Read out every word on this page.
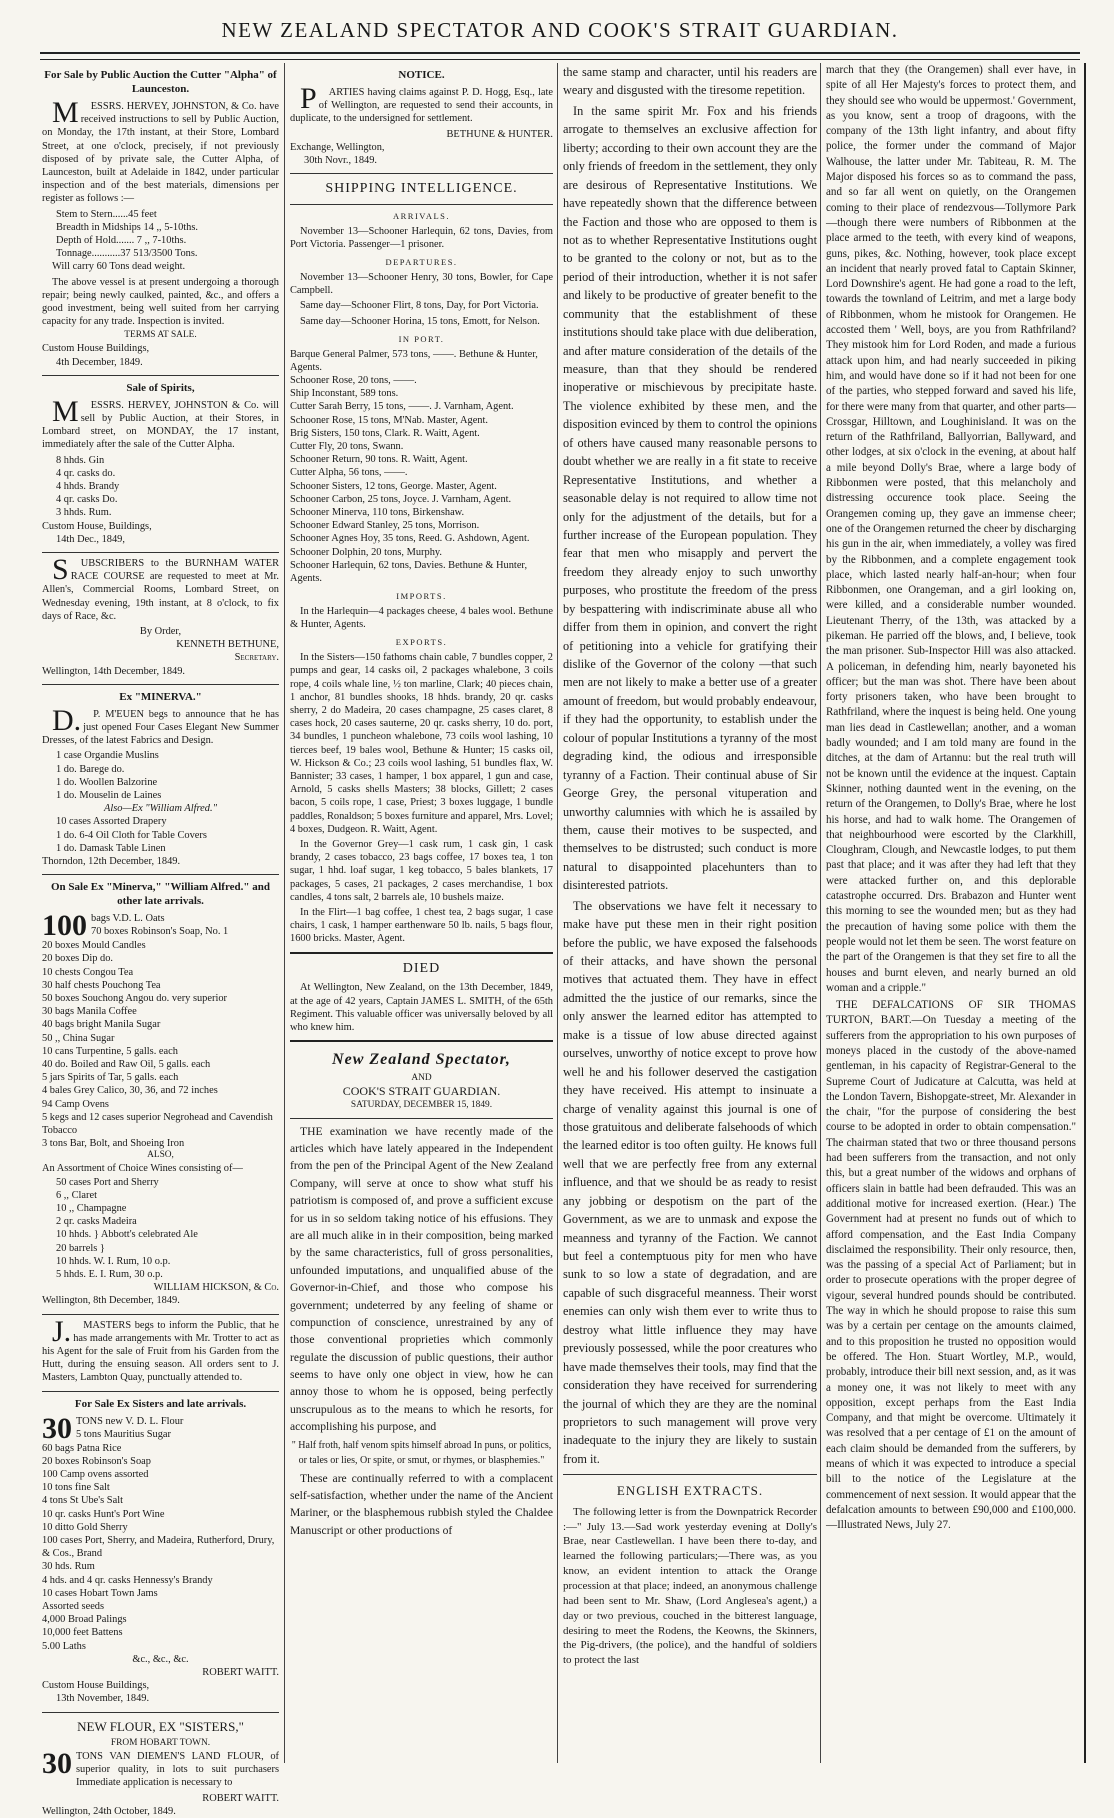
NEW ZEALAND SPECTATOR AND COOK'S STRAIT GUARDIAN.
For Sale by Public Auction the Cutter "Alpha" of Launceston.

MESSRS. HERVEY, JOHNSTON, & Co. have received instructions to sell by Public Auction, on Monday, the 17th instant, at their Store, Lombard Street, at one o'clock, precisely, if not previously disposed of by private sale, the Cutter Alpha, of Launceston, built at Adelaide in 1842, under particular inspection and of the best materials, dimensions per register as follows :—

Stem to Stern......45 feet
Breadth in Midships 14 ,, 5-10ths.
Depth of Hold....... 7 ,, 7-10ths.
Tonnage...........37 513/3500 Tons.

Will carry 60 Tons dead weight.

The above vessel is at present undergoing a thorough repair; being newly caulked, painted, &c., and offers a good investment, being well suited from her carrying capacity for any trade. Inspection is invited.

TERMS AT SALE.
Custom House Buildings,
4th December, 1849.
Sale of Spirits,

MESSRS. HERVEY, JOHNSTON & Co. will sell by Public Auction, at their Stores, in Lombard street, on MONDAY, the 17 instant, immediately after the sale of the Cutter Alpha.

8 hhds. Gin
4 qr. casks do.
4 hhds. Brandy
4 qr. casks Do.
3 hhds. Rum.
Custom House, Buildings,
14th Dec., 1849,

SUBSCRIBERS to the BURNHAM WATER RACE COURSE are requested to meet at Mr. Allen's, Commercial Rooms, Lombard Street, on Wednesday evening, 19th instant, at 8 o'clock, to fix days of Race, &c.

By Order,
KENNETH BETHUNE,
Secretary.
Wellington, 14th December, 1849.
Ex "MINERVA."

D.P. M'EUEN begs to announce that he has just opened Four Cases Elegant New Summer Dresses, of the latest Fabrics and Design.

1 case Organdie Muslins
1 do. Barege do.
1 do. Woollen Balzorine
1 do. Mouselin de Laines
Also—Ex "William Alfred."
10 cases Assorted Drapery
1 do. 6-4 Oil Cloth for Table Covers
1 do. Damask Table Linen
Thorndon, 12th December, 1849.
On Sale Ex "Minerva," "William Alfred." and other late arrivals.
100 bags V.D. L. Oats
70 boxes Robinson's Soap, No. 1
20 boxes Mould Candles
20 boxes Dip do.
10 chests Congou Tea
30 half chests Pouchong Tea
50 boxes Souchong Angou do. very superior
30 bags Manila Coffee
40 bags bright Manila Sugar
50 ,, China Sugar
10 cans Turpentine, 5 galls. each
40 do. Boiled and Raw Oil, 5 galls. each
5 jars Spirits of Tar, 5 galls. each
4 bales Grey Calico, 30, 36, and 72 inches
94 Camp Ovens
5 kegs and 12 cases superior Negrohead and Cavendish Tobacco
3 tons Bar, Bolt, and Shoeing Iron
ALSO,
An Assortment of Choice Wines consisting of—
50 cases Port and Sherry
6 ,, Claret
10 ,, Champagne
2 qr. casks Madeira
10 hhds. } Abbott's celebrated Ale
20 barrels }
10 hhds. W. I. Rum, 10 o.p.
5 hhds. E. I. Rum, 30 o.p.
WILLIAM HICKSON, & Co.
Wellington, 8th December, 1849.

J.MASTERS begs to inform the Public, that he has made arrangements with Mr. Trotter to act as his Agent for the sale of Fruit from his Garden from the Hutt, during the ensuing season. All orders sent to J. Masters, Lambton Quay, punctually attended to.

For Sale Ex Sisters and late arrivals.
30 TONS new V. D. L. Flour
5 tons Mauritius Sugar
60 bags Patna Rice
20 boxes Robinson's Soap
100 Camp ovens assorted
10 tons fine Salt
4 tons St Ube's Salt
10 qr. casks Hunt's Port Wine
10 ditto Gold Sherry
100 cases Port, Sherry, and Madeira, Rutherford, Drury, & Cos., Brand
30 hds. Rum
4 hds. and 4 qr. casks Hennessy's Brandy
10 cases Hobart Town Jams
Assorted seeds
4,000 Broad Palings
10,000 feet Battens
5.00 Laths
&c., &c., &c.
ROBERT WAITT.
Custom House Buildings,
13th November, 1849.
NEW FLOUR, EX "SISTERS,"
FROM HOBART TOWN.
30 TONS VAN DIEMEN'S LAND FLOUR, of superior quality, in lots to suit purchasers Immediate application is necessary to

ROBERT WAITT.
Wellington, 24th October, 1849.
NOTICE.

PARTIES having claims against P. D. Hogg, Esq., late of Wellington, are requested to send their accounts, in duplicate, to the undersigned for settlement.

BETHUNE & HUNTER.
Exchange, Wellington,
30th Novr., 1849.
SHIPPING INTELLIGENCE.
ARRIVALS.

November 13—Schooner Harlequin, 62 tons, Davies, from Port Victoria. Passenger—1 prisoner.

DEPARTURES.

November 13—Schooner Henry, 30 tons, Bowler, for Cape Campbell.

Same day—Schooner Flirt, 8 tons, Day, for Port Victoria.

Same day—Schooner Horina, 15 tons, Emott, for Nelson.

IN PORT.
Barque General Palmer, 573 tons, ——. Bethune & Hunter, Agents.
Schooner Rose, 20 tons, ——.
Ship Inconstant, 589 tons.
Cutter Sarah Berry, 15 tons, ——. J. Varnham, Agent.
Schooner Rose, 15 tons, M'Nab. Master, Agent.
Brig Sisters, 150 tons, Clark. R. Waitt, Agent.
Cutter Fly, 20 tons, Swann.
Schooner Return, 90 tons. R. Waitt, Agent.
Cutter Alpha, 56 tons, ——.
Schooner Sisters, 12 tons, George. Master, Agent.
Schooner Carbon, 25 tons, Joyce. J. Varnham, Agent.
Schooner Minerva, 110 tons, Birkenshaw.
Schooner Edward Stanley, 25 tons, Morrison.
Schooner Agnes Hoy, 35 tons, Reed. G. Ashdown, Agent.
Schooner Dolphin, 20 tons, Murphy.
Schooner Harlequin, 62 tons, Davies. Bethune & Hunter, Agents.
IMPORTS.

In the Harlequin—4 packages cheese, 4 bales wool. Bethune & Hunter, Agents.

EXPORTS.

In the Sisters—150 fathoms chain cable, 7 bundles copper, 2 pumps and gear, 14 casks oil, 2 packages whalebone, 3 coils rope, 4 coils whale line, ½ ton marline, Clark; 40 pieces chain, 1 anchor, 81 bundles shooks, 18 hhds. brandy, 20 qr. casks sherry, 2 do Madeira, 20 cases champagne, 25 cases claret, 8 cases hock, 20 cases sauterne, 20 qr. casks sherry, 10 do. port, 34 bundles, 1 puncheon whalebone, 73 coils wool lashing, 10 tierces beef, 19 bales wool, Bethune & Hunter; 15 casks oil, W. Hickson & Co.; 23 coils wool lashing, 51 bundles flax, W. Bannister; 33 cases, 1 hamper, 1 box apparel, 1 gun and case, Arnold, 5 casks shells Masters; 38 blocks, Gillett; 2 cases bacon, 5 coils rope, 1 case, Priest; 3 boxes luggage, 1 bundle paddles, Ronaldson; 5 boxes furniture and apparel, Mrs. Lovel; 4 boxes, Dudgeon. R. Waitt, Agent.

In the Governor Grey—1 cask rum, 1 cask gin, 1 cask brandy, 2 cases tobacco, 23 bags coffee, 17 boxes tea, 1 ton sugar, 1 hhd. loaf sugar, 1 keg tobacco, 5 bales blankets, 17 packages, 5 cases, 21 packages, 2 cases merchandise, 1 box candles, 4 tons salt, 2 barrels ale, 10 bushels maize.

In the Flirt—1 bag coffee, 1 chest tea, 2 bags sugar, 1 case chairs, 1 cask, 1 hamper earthenware 50 lb. nails, 5 bags flour, 1600 bricks. Master, Agent.

DIED

At Wellington, New Zealand, on the 13th December, 1849, at the age of 42 years, Captain JAMES L. SMITH, of the 65th Regiment. This valuable officer was universally beloved by all who knew him.

New Zealand Spectator,
AND
COOK'S STRAIT GUARDIAN.
SATURDAY, DECEMBER 15, 1849.

THE examination we have recently made of the articles which have lately appeared in the Independent from the pen of the Principal Agent of the New Zealand Company, will serve at once to show what stuff his patriotism is composed of, and prove a sufficient excuse for us in so seldom taking notice of his effusions. They are all much alike in in their composition, being marked by the same characteristics, full of gross personalities, unfounded imputations, and unqualified abuse of the Governor-in-Chief, and those who compose his government; undeterred by any feeling of shame or compunction of conscience, unrestrained by any of those conventional proprieties which commonly regulate the discussion of public questions, their author seems to have only one object in view, how he can annoy those to whom he is opposed, being perfectly unscrupulous as to the means to which he resorts, for accomplishing his purpose, and

" Half froth, half venom spits himself abroad In puns, or politics, or tales or lies, Or spite, or smut, or rhymes, or blasphemies."

These are continually referred to with a complacent self-satisfaction, whether under the name of the Ancient Mariner, or the blasphemous rubbish styled the Chaldee Manuscript or other productions of

the same stamp and character, until his readers are weary and disgusted with the tiresome repetition.

In the same spirit Mr. Fox and his friends arrogate to themselves an exclusive affection for liberty; according to their own account they are the only friends of freedom in the settlement, they only are desirous of Representative Institutions. We have repeatedly shown that the difference between the Faction and those who are opposed to them is not as to whether Representative Institutions ought to be granted to the colony or not, but as to the period of their introduction, whether it is not safer and likely to be productive of greater benefit to the community that the establishment of these institutions should take place with due deliberation, and after mature consideration of the details of the measure, than that they should be rendered inoperative or mischievous by precipitate haste. The violence exhibited by these men, and the disposition evinced by them to control the opinions of others have caused many reasonable persons to doubt whether we are really in a fit state to receive Representative Institutions, and whether a seasonable delay is not required to allow time not only for the adjustment of the details, but for a further increase of the European population. They fear that men who misapply and pervert the freedom they already enjoy to such unworthy purposes, who prostitute the freedom of the press by bespattering with indiscriminate abuse all who differ from them in opinion, and convert the right of petitioning into a vehicle for gratifying their dislike of the Governor of the colony —that such men are not likely to make a better use of a greater amount of freedom, but would probably endeavour, if they had the opportunity, to establish under the colour of popular Institutions a tyranny of the most degrading kind, the odious and irresponsible tyranny of a Faction. Their continual abuse of Sir George Grey, the personal vituperation and unworthy calumnies with which he is assailed by them, cause their motives to be suspected, and themselves to be distrusted; such conduct is more natural to disappointed placehunters than to disinterested patriots.

The observations we have felt it necessary to make have put these men in their right position before the public, we have exposed the falsehoods of their attacks, and have shown the personal motives that actuated them. They have in effect admitted the the justice of our remarks, since the only answer the learned editor has attempted to make is a tissue of low abuse directed against ourselves, unworthy of notice except to prove how well he and his follower deserved the castigation they have received. His attempt to insinuate a charge of venality against this journal is one of those gratuitous and deliberate falsehoods of which the learned editor is too often guilty. He knows full well that we are perfectly free from any external influence, and that we should be as ready to resist any jobbing or despotism on the part of the Government, as we are to unmask and expose the meanness and tyranny of the Faction. We cannot but feel a contemptuous pity for men who have sunk to so low a state of degradation, and are capable of such disgraceful meanness. Their worst enemies can only wish them ever to write thus to destroy what little influence they may have previously possessed, while the poor creatures who have made themselves their tools, may find that the consideration they have received for surrendering the journal of which they are they are the nominal proprietors to such management will prove very inadequate to the injury they are likely to sustain from it.

ENGLISH EXTRACTS.

The following letter is from the Downpatrick Recorder :—" July 13.—Sad work yesterday evening at Dolly's Brae, near Castlewellan. I have been there to-day, and learned the following particulars;—There was, as you know, an evident intention to attack the Orange procession at that place; indeed, an anonymous challenge had been sent to Mr. Shaw, (Lord Anglesea's agent,) a day or two previous, couched in the bitterest language, desiring to meet the Rodens, the Keowns, the Skinners, the Pig-drivers, (the police), and the handful of soldiers to protect the last

march that they (the Orangemen) shall ever have, in spite of all Her Majesty's forces to protect them, and they should see who would be uppermost.' Government, as you know, sent a troop of dragoons, with the company of the 13th light infantry, and about fifty police, the former under the command of Major Walhouse, the latter under Mr. Tabiteau, R. M. The Major disposed his forces so as to command the pass, and so far all went on quietly, on the Orangemen coming to their place of rendezvous—Tollymore Park—though there were numbers of Ribbonmen at the place armed to the teeth, with every kind of weapons, guns, pikes, &c. Nothing, however, took place except an incident that nearly proved fatal to Captain Skinner, Lord Downshire's agent. He had gone a road to the left, towards the townland of Leitrim, and met a large body of Ribbonmen, whom he mistook for Orangemen. He accosted them ' Well, boys, are you from Rathfriland? They mistook him for Lord Roden, and made a furious attack upon him, and had nearly succeeded in piking him, and would have done so if it had not been for one of the parties, who stepped forward and saved his life, for there were many from that quarter, and other parts—Crossgar, Hilltown, and Loughinisland. It was on the return of the Rathfriland, Ballyorrian, Ballyward, and other lodges, at six o'clock in the evening, at about half a mile beyond Dolly's Brae, where a large body of Ribbonmen were posted, that this melancholy and distressing occurence took place. Seeing the Orangemen coming up, they gave an immense cheer; one of the Orangemen returned the cheer by discharging his gun in the air, when immediately, a volley was fired by the Ribbonmen, and a complete engagement took place, which lasted nearly half-an-hour; when four Ribbonmen, one Orangeman, and a girl looking on, were killed, and a considerable number wounded. Lieutenant Therry, of the 13th, was attacked by a pikeman. He parried off the blows, and, I believe, took the man prisoner. Sub-Inspector Hill was also attacked. A policeman, in defending him, nearly bayoneted his officer; but the man was shot. There have been about forty prisoners taken, who have been brought to Rathfriland, where the inquest is being held. One young man lies dead in Castlewellan; another, and a woman badly wounded; and I am told many are found in the ditches, at the dam of Artannu: but the real truth will not be known until the evidence at the inquest. Captain Skinner, nothing daunted went in the evening, on the return of the Orangemen, to Dolly's Brae, where he lost his horse, and had to walk home. The Orangemen of that neighbourhood were escorted by the Clarkhill, Cloughram, Clough, and Newcastle lodges, to put them past that place; and it was after they had left that they were attacked further on, and this deplorable catastrophe occurred. Drs. Brabazon and Hunter went this morning to see the wounded men; but as they had the precaution of having some police with them the people would not let them be seen. The worst feature on the part of the Orangemen is that they set fire to all the houses and burnt eleven, and nearly burned an old woman and a cripple."

THE DEFALCATIONS OF SIR THOMAS TURTON, BART.—On Tuesday a meeting of the sufferers from the appropriation to his own purposes of moneys placed in the custody of the above-named gentleman, in his capacity of Registrar-General to the Supreme Court of Judicature at Calcutta, was held at the London Tavern, Bishopgate-street, Mr. Alexander in the chair, "for the purpose of considering the best course to be adopted in order to obtain compensation." The chairman stated that two or three thousand persons had been sufferers from the transaction, and not only this, but a great number of the widows and orphans of officers slain in battle had been defrauded. This was an additional motive for increased exertion. (Hear.) The Government had at present no funds out of which to afford compensation, and the East India Company disclaimed the responsibility. Their only resource, then, was the passing of a special Act of Parliament; but in order to prosecute operations with the proper degree of vigour, several hundred pounds should be contributed. The way in which he should propose to raise this sum was by a certain per centage on the amounts claimed, and to this proposition he trusted no opposition would be offered. The Hon. Stuart Wortley, M.P., would, probably, introduce their bill next session, and, as it was a money one, it was not likely to meet with any opposition, except perhaps from the East India Company, and that might be overcome. Ultimately it was resolved that a per centage of £1 on the amount of each claim should be demanded from the sufferers, by means of which it was expected to introduce a special bill to the notice of the Legislature at the commencement of next session. It would appear that the defalcation amounts to between £90,000 and £100,000.—Illustrated News, July 27.
